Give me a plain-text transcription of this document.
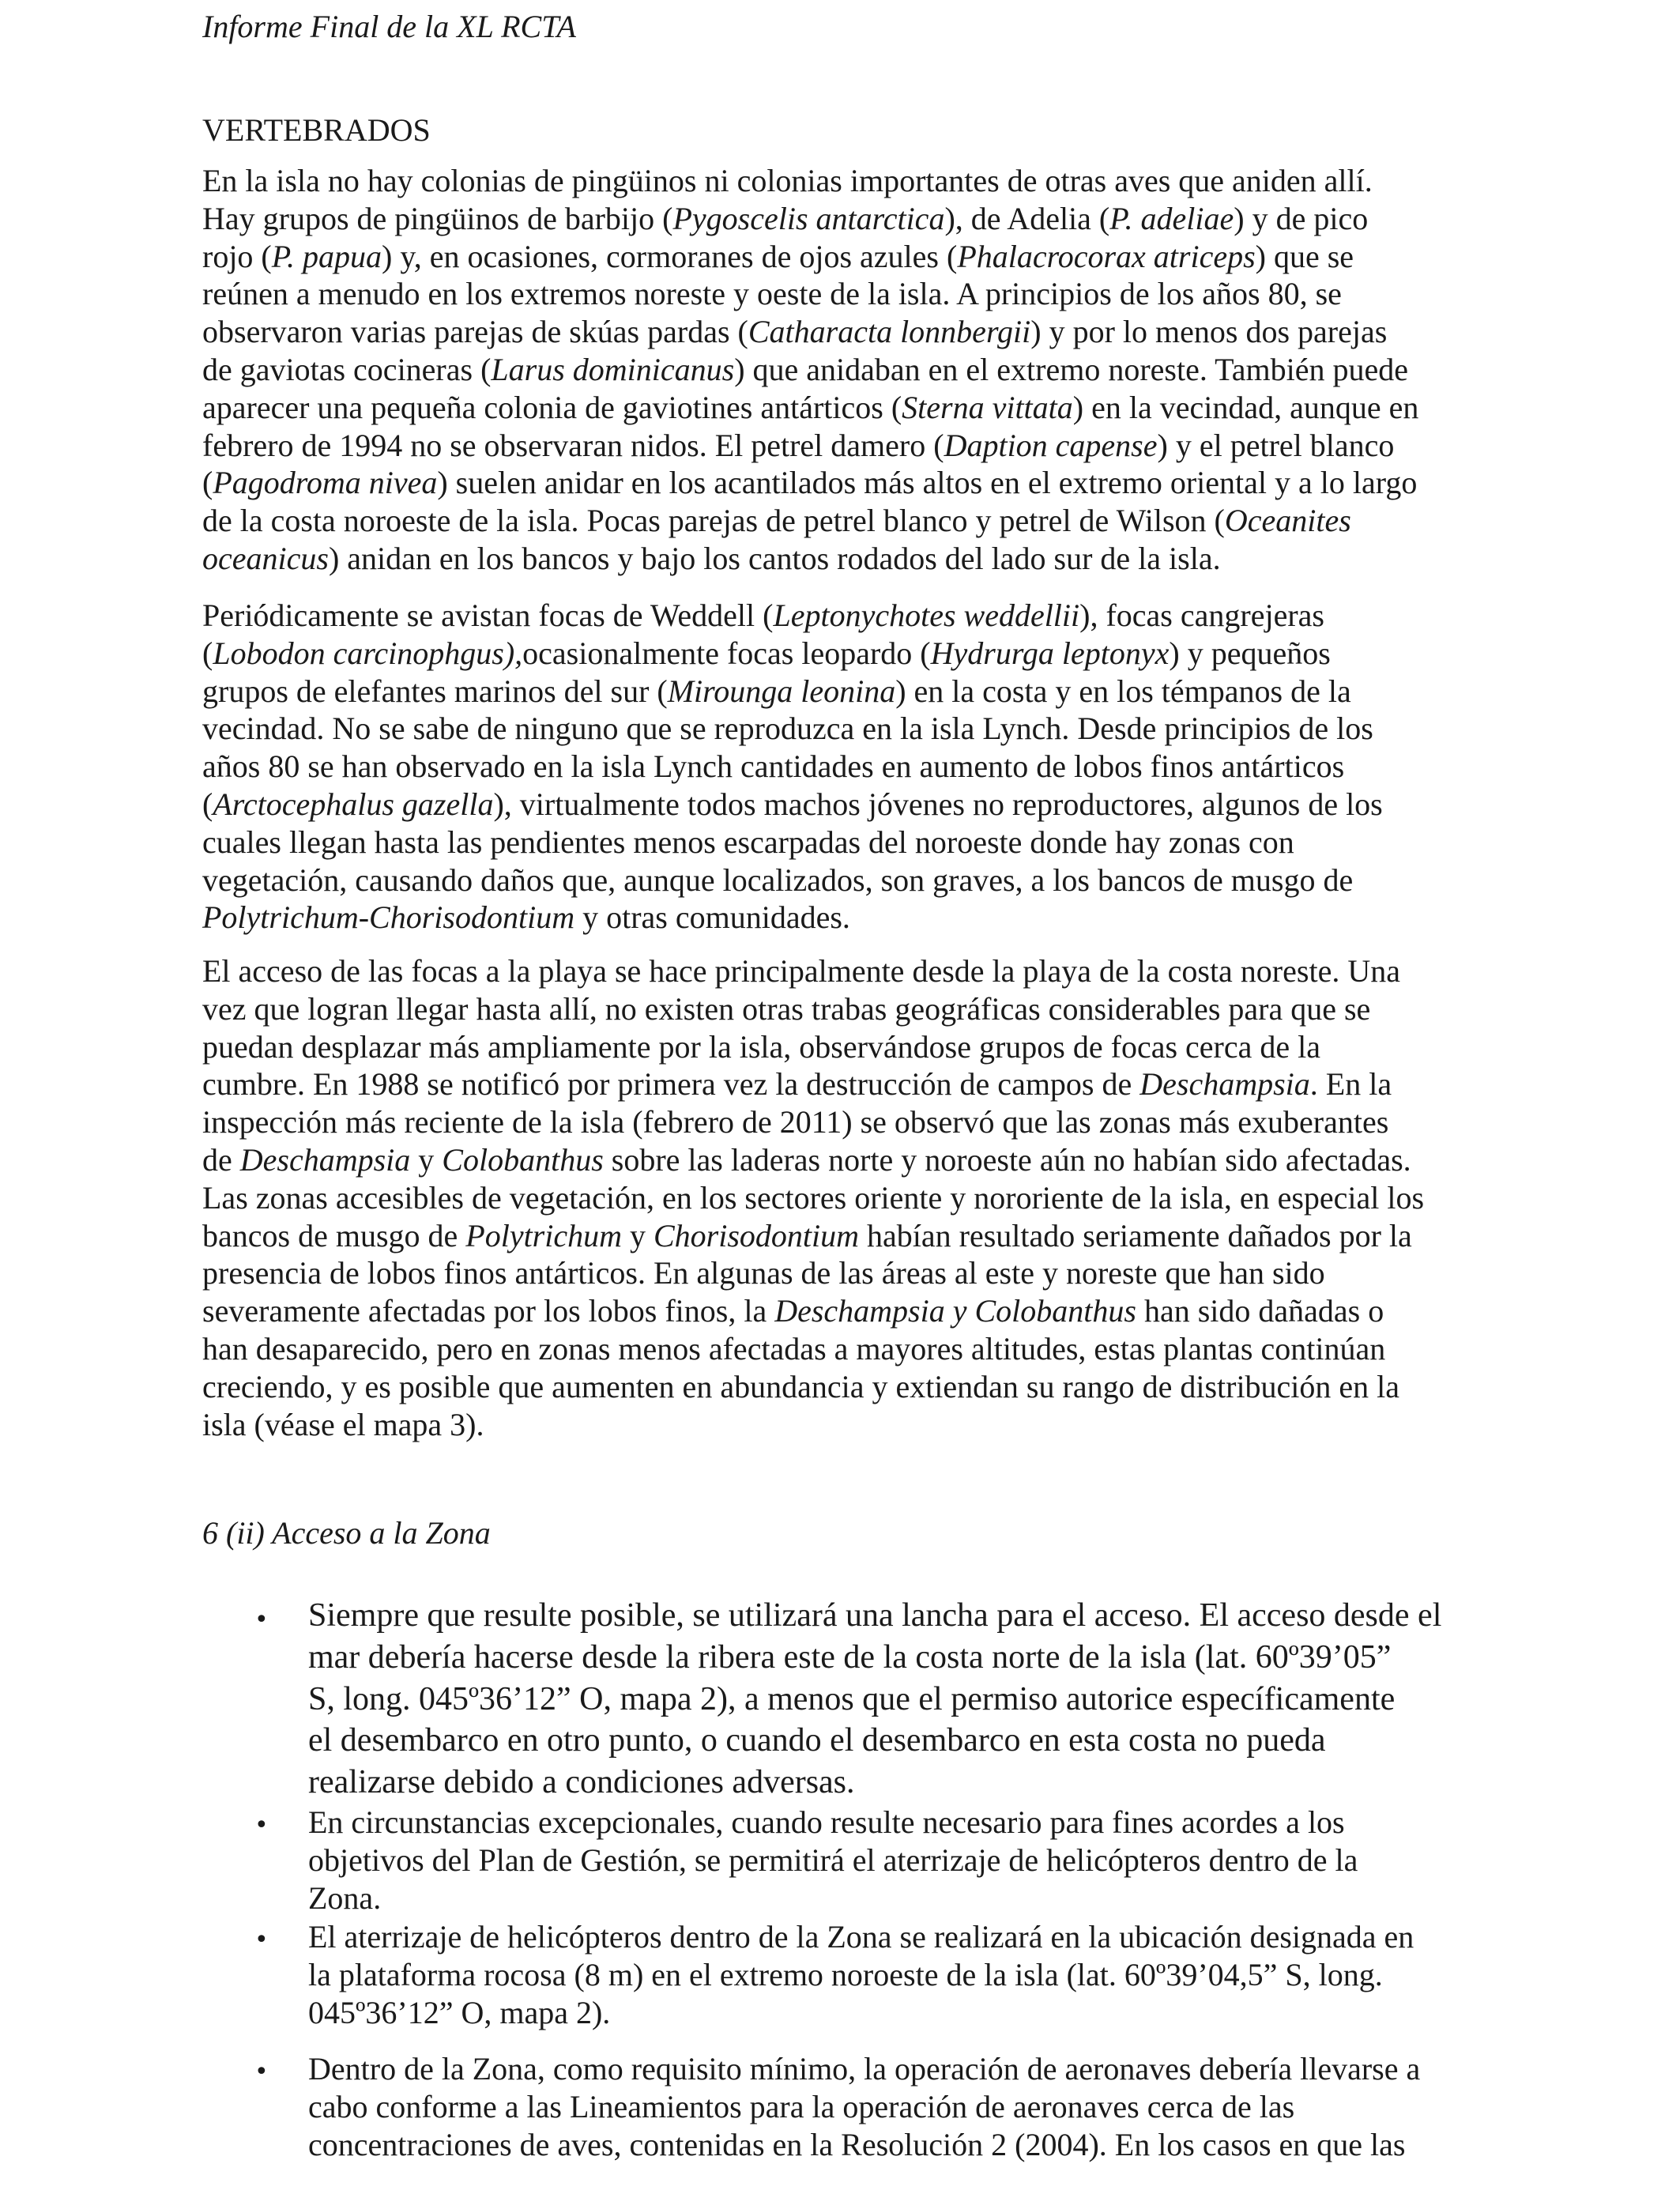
Informe Final de la XL RCTA

VERTEBRADOS

En la isla no hay colonias de pingüinos ni colonias importantes de otras aves que aniden allí.
Hay grupos de pingüinos de barbijo (Pygoscelis antarctica), de Adelia (P. adeliae) y de pico
rojo (P. papua) y, en ocasiones, cormoranes de ojos azules (Phalacrocorax atriceps) que se
reúnen a menudo en los extremos noreste y oeste de la isla. A principios de los años 80, se
observaron varias parejas de skúas pardas (Catharacta lonnbergii) y por lo menos dos parejas
de gaviotas cocineras (Larus dominicanus) que anidaban en el extremo noreste. También puede
aparecer una pequeña colonia de gaviotines antárticos (Sterna vittata) en la vecindad, aunque en
febrero de 1994 no se observaran nidos. El petrel damero (Daption capense) y el petrel blanco
(Pagodroma nivea) suelen anidar en los acantilados más altos en el extremo oriental y a lo largo
de la costa noroeste de la isla. Pocas parejas de petrel blanco y petrel de Wilson (Oceanites
oceanicus) anidan en los bancos y bajo los cantos rodados del lado sur de la isla.

Periódicamente se avistan focas de Weddell (Leptonychotes weddellii), focas cangrejeras
(Lobodon carcinophgus),ocasionalmente focas leopardo (Hydrurga leptonyx) y pequeños
grupos de elefantes marinos del sur (Mirounga leonina) en la costa y en los témpanos de la
vecindad. No se sabe de ninguno que se reproduzca en la isla Lynch. Desde principios de los
años 80 se han observado en la isla Lynch cantidades en aumento de lobos finos antárticos
(Arctocephalus gazella), virtualmente todos machos jóvenes no reproductores, algunos de los
cuales llegan hasta las pendientes menos escarpadas del noroeste donde hay zonas con
vegetación, causando daños que, aunque localizados, son graves, a los bancos de musgo de
Polytrichum-Chorisodontium y otras comunidades.

El acceso de las focas a la playa se hace principalmente desde la playa de la costa noreste. Una
vez que logran llegar hasta allí, no existen otras trabas geográficas considerables para que se
puedan desplazar más ampliamente por la isla, observándose grupos de focas cerca de la
cumbre. En 1988 se notificó por primera vez la destrucción de campos de Deschampsia. En la
inspección más reciente de la isla (febrero de 2011) se observó que las zonas más exuberantes
de Deschampsia y Colobanthus sobre las laderas norte y noroeste aún no habían sido afectadas.
Las zonas accesibles de vegetación, en los sectores oriente y nororiente de la isla, en especial los
bancos de musgo de Polytrichum y Chorisodontium habían resultado seriamente dañados por la
presencia de lobos finos antárticos. En algunas de las áreas al este y noreste que han sido
severamente afectadas por los lobos finos, la Deschampsia y Colobanthus han sido dañadas o
han desaparecido, pero en zonas menos afectadas a mayores altitudes, estas plantas continúan
creciendo, y es posible que aumenten en abundancia y extiendan su rango de distribución en la
isla (véase el mapa 3).

6 (ii) Acceso a la Zona
• Siempre que resulte posible, se utilizará una lancha para el acceso. El acceso desde el
mar debería hacerse desde la ribera este de la costa norte de la isla (lat. 60º39’05”
S, long. 045º36’12” O, mapa 2), a menos que el permiso autorice específicamente
el desembarco en otro punto, o cuando el desembarco en esta costa no pueda
realizarse debido a condiciones adversas.
• En circunstancias excepcionales, cuando resulte necesario para fines acordes a los
objetivos del Plan de Gestión, se permitirá el aterrizaje de helicópteros dentro de la
Zona.
• El aterrizaje de helicópteros dentro de la Zona se realizará en la ubicación designada en
la plataforma rocosa (8 m) en el extremo noroeste de la isla (lat. 60º39’04,5” S, long.
045º36’12” O, mapa 2).
• Dentro de la Zona, como requisito mínimo, la operación de aeronaves debería llevarse a
cabo conforme a las Lineamientos para la operación de aeronaves cerca de las
concentraciones de aves, contenidas en la Resolución 2 (2004). En los casos en que las
